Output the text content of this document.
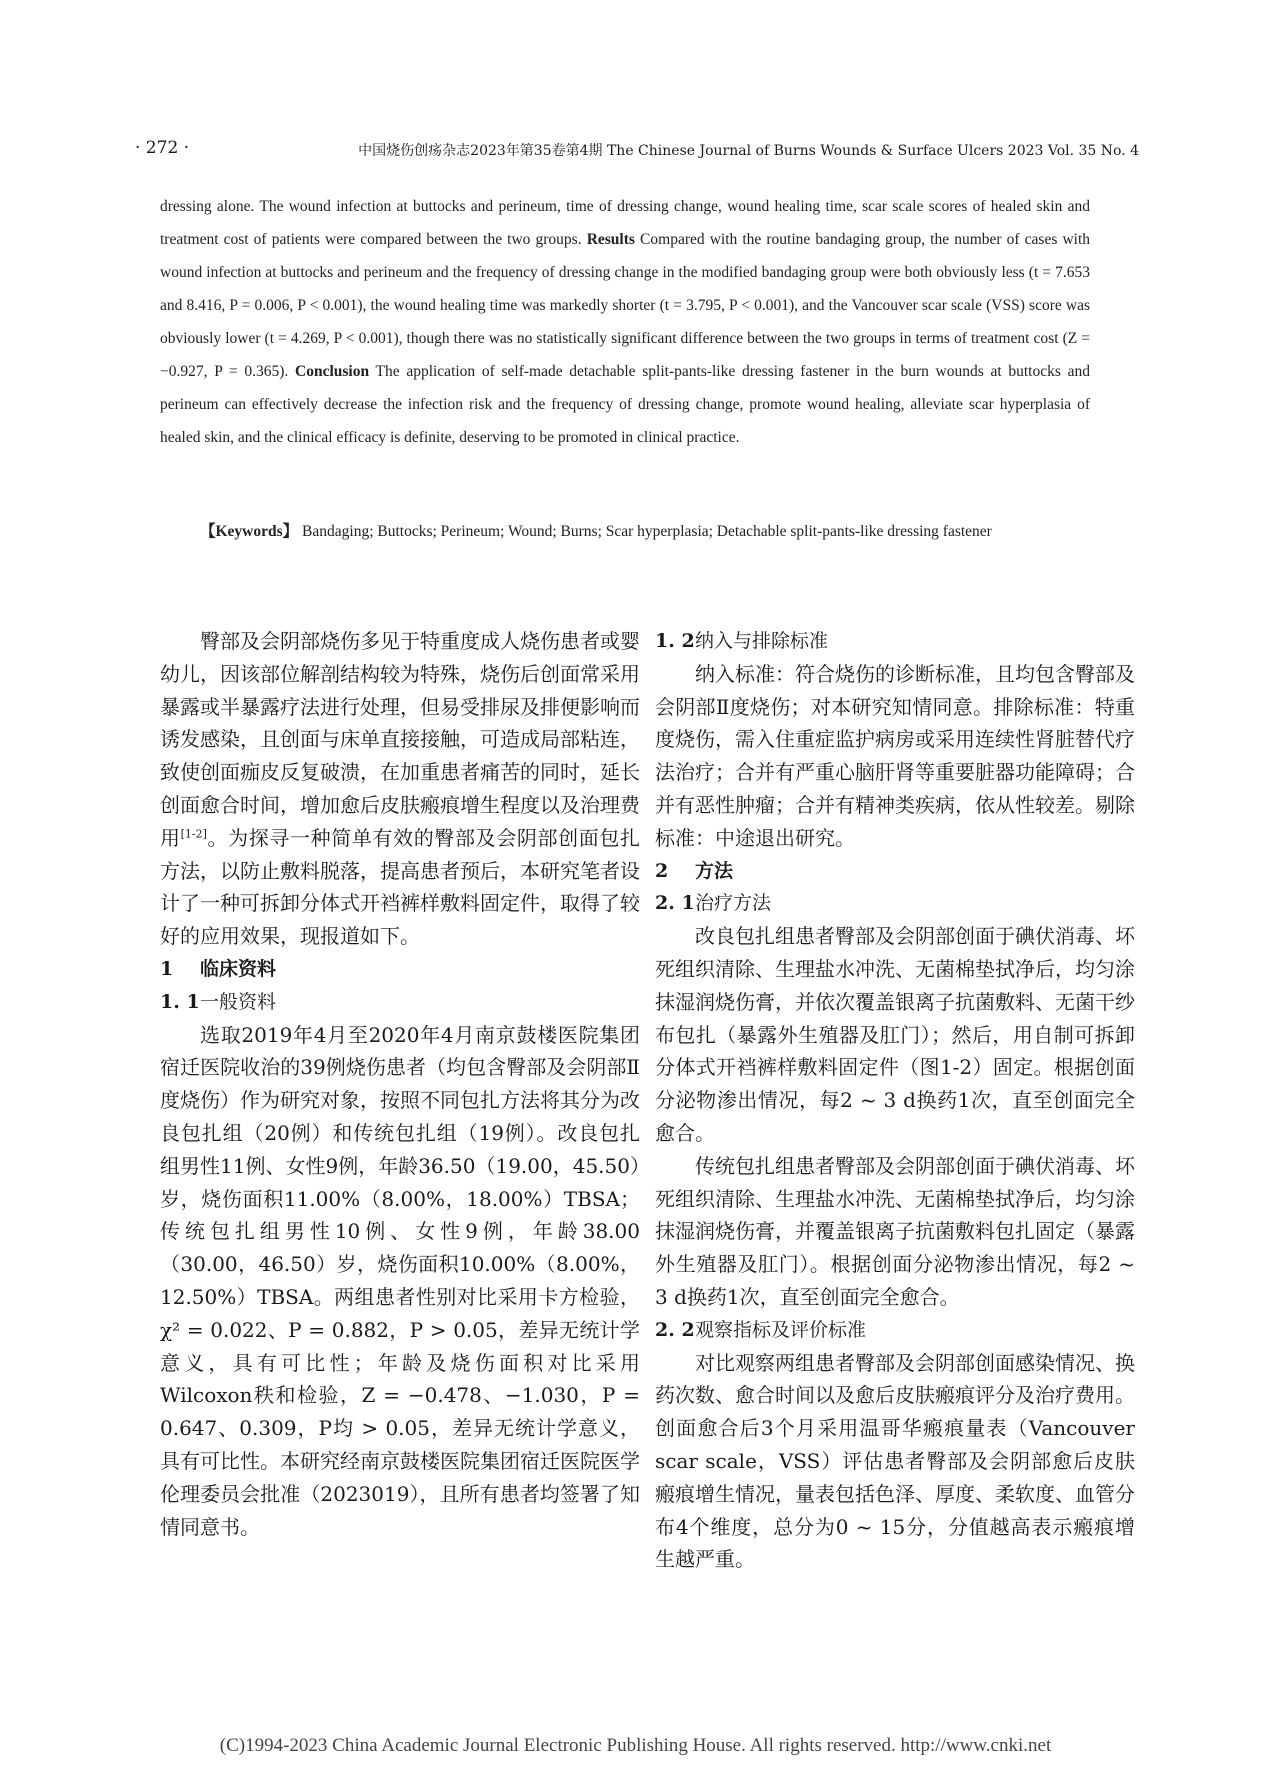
· 272 ·	中国烧伤创疡杂志2023年第35卷第4期 The Chinese Journal of Burns Wounds & Surface Ulcers 2023 Vol. 35 No. 4
dressing alone. The wound infection at buttocks and perineum, time of dressing change, wound healing time, scar scale scores of healed skin and treatment cost of patients were compared between the two groups. Results Compared with the routine bandaging group, the number of cases with wound infection at buttocks and perineum and the frequency of dressing change in the modified bandaging group were both obviously less (t = 7.653 and 8.416, P = 0.006, P < 0.001), the wound healing time was markedly shorter (t = 3.795, P < 0.001), and the Vancouver scar scale (VSS) score was obviously lower (t = 4.269, P < 0.001), though there was no statistically significant difference between the two groups in terms of treatment cost (Z = −0.927, P = 0.365). Conclusion The application of self-made detachable split-pants-like dressing fastener in the burn wounds at buttocks and perineum can effectively decrease the infection risk and the frequency of dressing change, promote wound healing, alleviate scar hyperplasia of healed skin, and the clinical efficacy is definite, deserving to be promoted in clinical practice.
【Keywords】 Bandaging; Buttocks; Perineum; Wound; Burns; Scar hyperplasia; Detachable split-pants-like dressing fastener

臀部及会阴部烧伤多见于特重度成人烧伤患者或婴幼儿，因该部位解剖结构较为特殊，烧伤后创面常采用暴露或半暴露疗法进行处理，但易受排尿及排便影响而诱发感染，且创面与床单直接接触，可造成局部粘连，致使创面痂皮反复破溃，在加重患者痛苦的同时，延长创面愈合时间，增加愈后皮肤瘢痕增生程度以及治理费用[1-2]。为探寻一种简单有效的臀部及会阴部创面包扎方法，以防止敷料脱落，提高患者预后，本研究笔者设计了一种可拆卸分体式开裆裤样敷料固定件，取得了较好的应用效果，现报道如下。

1 临床资料
1. 1一般资料

选取2019年4月至2020年4月南京鼓楼医院集团宿迁医院收治的39例烧伤患者（均包含臀部及会阴部Ⅱ度烧伤）作为研究对象，按照不同包扎方法将其分为改良包扎组（20例）和传统包扎组（19例）。改良包扎组男性11例、女性9例，年龄36.50（19.00，45.50）岁，烧伤面积11.00%（8.00%，18.00%）TBSA；传统包扎组男性10例、女性9例，年龄38.00（30.00，46.50）岁，烧伤面积10.00%（8.00%，12.50%）TBSA。两组患者性别对比采用卡方检验，χ² = 0.022、P = 0.882，P > 0.05，差异无统计学意义，具有可比性；年龄及烧伤面积对比采用Wilcoxon秩和检验，Z = −0.478、−1.030，P = 0.647、0.309，P均 > 0.05，差异无统计学意义，具有可比性。本研究经南京鼓楼医院集团宿迁医院医学伦理委员会批准（2023019），且所有患者均签署了知情同意书。

1. 2纳入与排除标准

纳入标准：符合烧伤的诊断标准，且均包含臀部及会阴部Ⅱ度烧伤；对本研究知情同意。排除标准：特重度烧伤，需入住重症监护病房或采用连续性肾脏替代疗法治疗；合并有严重心脑肝肾等重要脏器功能障碍；合并有恶性肿瘤；合并有精神类疾病，依从性较差。剔除标准：中途退出研究。

2 方法
2. 1治疗方法

改良包扎组患者臀部及会阴部创面于碘伏消毒、坏死组织清除、生理盐水冲洗、无菌棉垫拭净后，均匀涂抹湿润烧伤膏，并依次覆盖银离子抗菌敷料、无菌干纱布包扎（暴露外生殖器及肛门）；然后，用自制可拆卸分体式开裆裤样敷料固定件（图1-2）固定。根据创面分泌物渗出情况，每2 ~ 3 d换药1次，直至创面完全愈合。

传统包扎组患者臀部及会阴部创面于碘伏消毒、坏死组织清除、生理盐水冲洗、无菌棉垫拭净后，均匀涂抹湿润烧伤膏，并覆盖银离子抗菌敷料包扎固定（暴露外生殖器及肛门）。根据创面分泌物渗出情况，每2 ~ 3 d换药1次，直至创面完全愈合。

2. 2观察指标及评价标准

对比观察两组患者臀部及会阴部创面感染情况、换药次数、愈合时间以及愈后皮肤瘢痕评分及治疗费用。创面愈合后3个月采用温哥华瘢痕量表（Vancouver scar scale，VSS）评估患者臀部及会阴部愈后皮肤瘢痕增生情况，量表包括色泽、厚度、柔软度、血管分布4个维度，总分为0 ~ 15分，分值越高表示瘢痕增生越严重。

(C)1994-2023 China Academic Journal Electronic Publishing House. All rights reserved. http://www.cnki.net
